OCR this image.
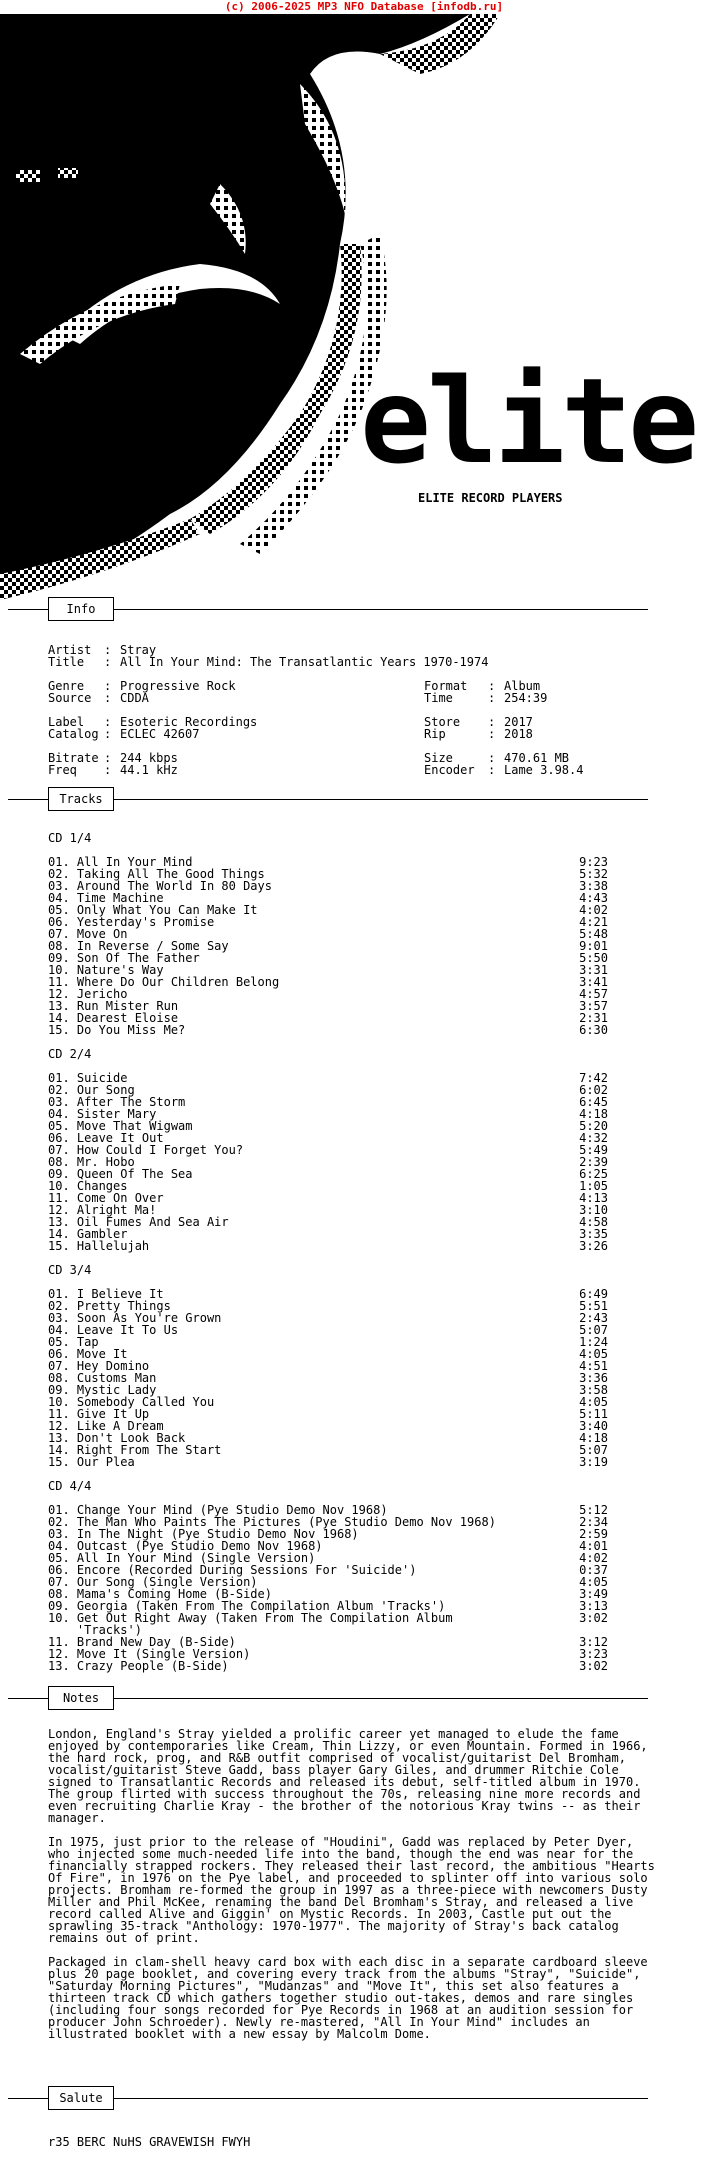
(c) 2006-2025 MP3 NFO Database [infodb.ru]
elite
ELITE RECORD PLAYERS
Info
Artist : Stray
Title : All In Your Mind: The Transatlantic Years 1970-1974
Genre : Progressive Rock
Source : CDDA
Format : Album
Time	: 254:39
Label : Esoteric Recordings
Catalog : ECLEC 42607
Store : 2017
Rip	: 2018
Bitrate : 244 kbps
Freq : 44.1 kHz
Size	: 470.61 MB
Encoder : Lame 3.98.4
Tracks
CD 1/4
01. All In Your Mind	9:23
02. Taking All The Good Things	5:32
03. Around The World In 80 Days	3:38
04. Time Machine	4:43
05. Only What You Can Make It	4:02
06. Yesterday's Promise	4:21
07. Move On	5:48
08. In Reverse / Some Say	9:01
09. Son Of The Father	5:50
10. Nature's Way	3:31
11. Where Do Our Children Belong	3:41
12. Jericho	4:57
13. Run Mister Run	3:57
14. Dearest Eloise	2:31
15. Do You Miss Me?	6:30
CD 2/4
01. Suicide	7:42
02. Our Song	6:02
03. After The Storm	6:45
04. Sister Mary	4:18
05. Move That Wigwam	5:20
06. Leave It Out	4:32
07. How Could I Forget You?	5:49
08. Mr. Hobo	2:39
09. Queen Of The Sea	6:25
10. Changes	1:05
11. Come On Over	4:13
12. Alright Ma!	3:10
13. Oil Fumes And Sea Air	4:58
14. Gambler	3:35
15. Hallelujah	3:26
CD 3/4
01. I Believe It	6:49
02. Pretty Things	5:51
03. Soon As You're Grown	2:43
04. Leave It To Us	5:07
05. Tap	1:24
06. Move It	4:05
07. Hey Domino	4:51
08. Customs Man	3:36
09. Mystic Lady	3:58
10. Somebody Called You	4:05
11. Give It Up	5:11
12. Like A Dream	3:40
13. Don't Look Back	4:18
14. Right From The Start	5:07
15. Our Plea	3:19
CD 4/4
01. Change Your Mind (Pye Studio Demo Nov 1968)	5:12
02. The Man Who Paints The Pictures (Pye Studio Demo Nov 1968)	2:34
03. In The Night (Pye Studio Demo Nov 1968)	2:59
04. Outcast (Pye Studio Demo Nov 1968)	4:01
05. All In Your Mind (Single Version)	4:02
06. Encore (Recorded During Sessions For 'Suicide')	0:37
07. Our Song (Single Version)	4:05
08. Mama's Coming Home (B-Side)	3:49
09. Georgia (Taken From The Compilation Album 'Tracks')	3:13
10. Get Out Right Away (Taken From The Compilation Album	3:02
'Tracks')
11. Brand New Day (B-Side)	3:12
12. Move It (Single Version)	3:23
13. Crazy People (B-Side)	3:02
Notes

London, England's Stray yielded a prolific career yet managed to elude the fame enjoyed by contemporaries like Cream, Thin Lizzy, or even Mountain. Formed in 1966, the hard rock, prog, and R&B outfit comprised of vocalist/guitarist Del Bromham, vocalist/guitarist Steve Gadd, bass player Gary Giles, and drummer Ritchie Cole signed to Transatlantic Records and released its debut, self-titled album in 1970. The group flirted with success throughout the 70s, releasing nine more records and even recruiting Charlie Kray - the brother of the notorious Kray twins -- as their manager.

In 1975, just prior to the release of "Houdini", Gadd was replaced by Peter Dyer, who injected some much-needed life into the band, though the end was near for the financially strapped rockers. They released their last record, the ambitious "Hearts Of Fire", in 1976 on the Pye label, and proceeded to splinter off into various solo projects. Bromham re-formed the group in 1997 as a three-piece with newcomers Dusty Miller and Phil McKee, renaming the band Del Bromham's Stray, and released a live record called Alive and Giggin' on Mystic Records. In 2003, Castle put out the sprawling 35-track "Anthology: 1970-1977". The majority of Stray's back catalog remains out of print.

Packaged in clam-shell heavy card box with each disc in a separate cardboard sleeve plus 20 page booklet, and covering every track from the albums "Stray", "Suicide", "Saturday Morning Pictures", "Mudanzas" and "Move It", this set also features a thirteen track CD which gathers together studio out-takes, demos and rare singles (including four songs recorded for Pye Records in 1968 at an audition session for producer John Schroeder). Newly re-mastered, "All In Your Mind" includes an illustrated booklet with a new essay by Malcolm Dome.

Salute
r35 BERC NuHS GRAVEWISH FWYH
